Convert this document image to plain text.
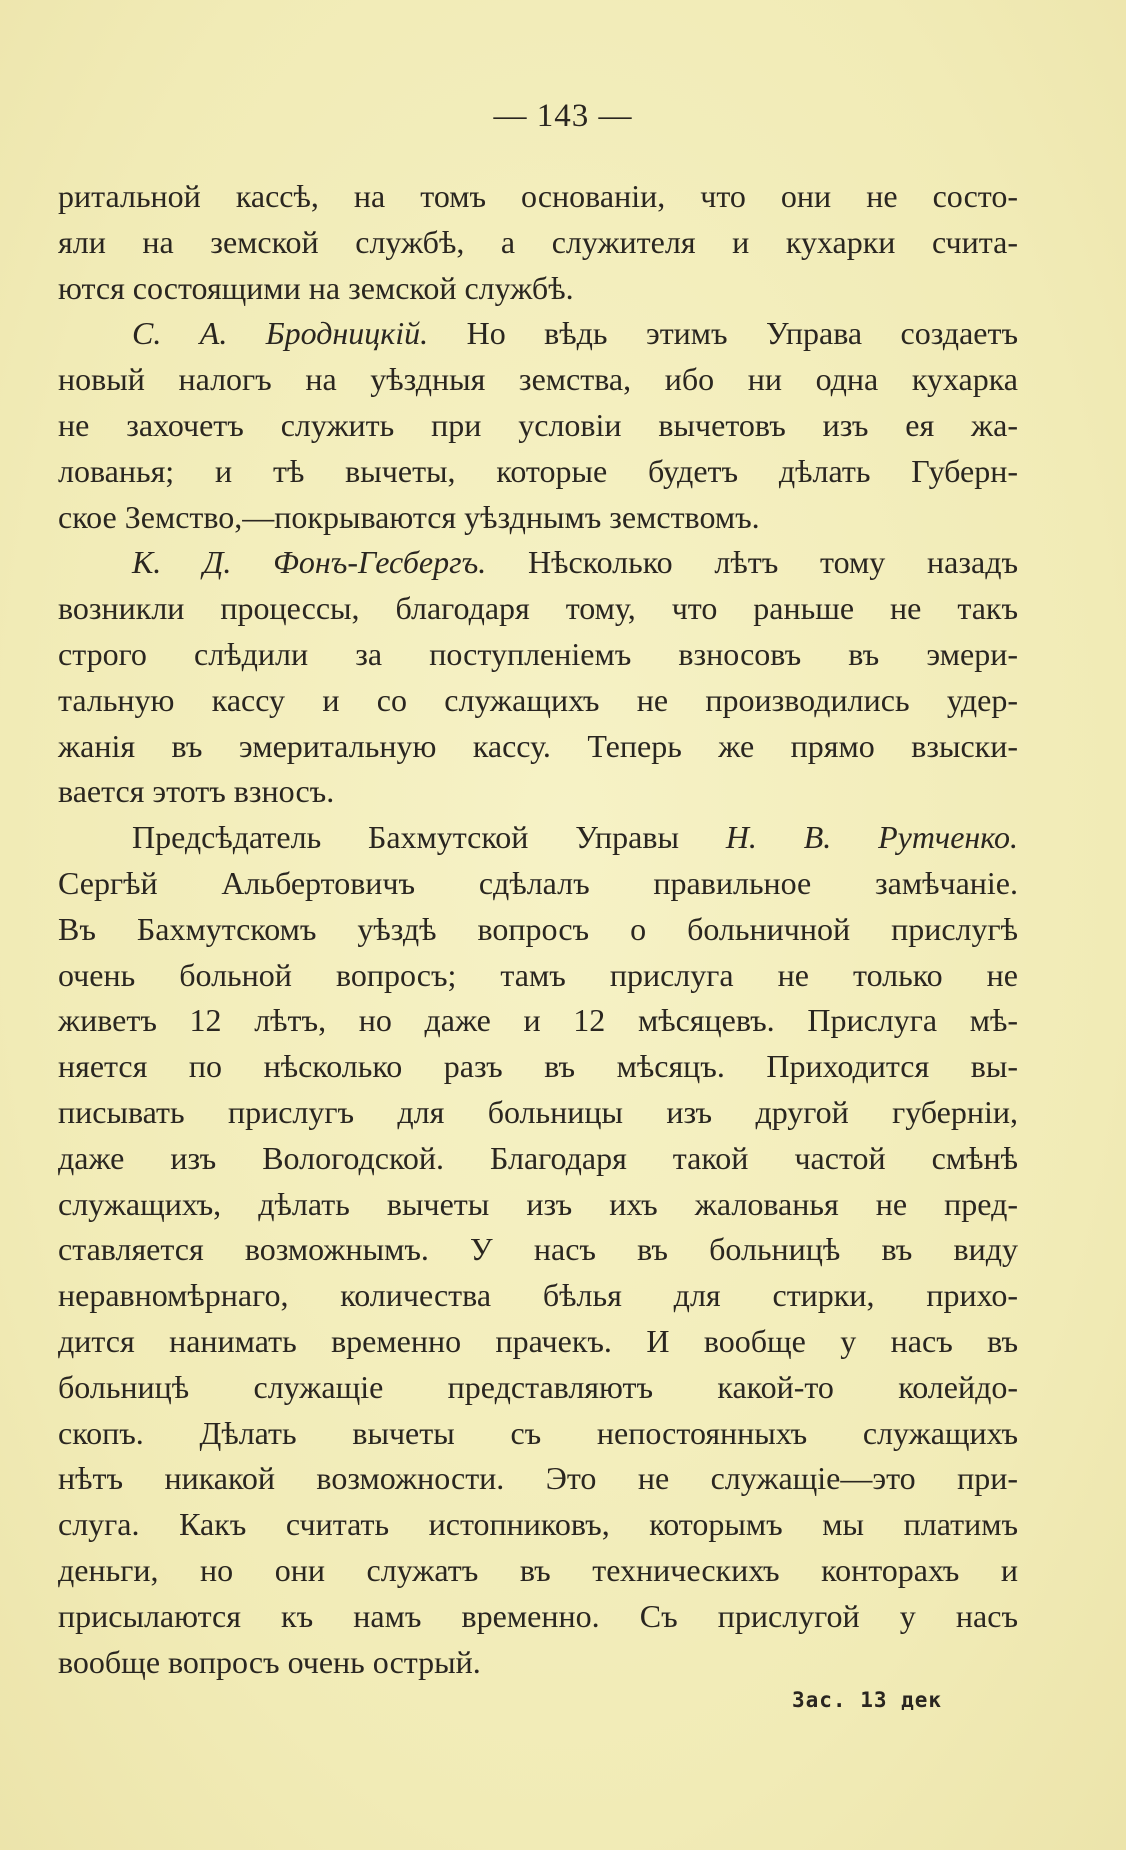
— 143 —
ритальной кассѣ, на томъ основаніи, что они не состо-
яли на земской службѣ, а служителя и кухарки счита-
ются состоящими на земской службѣ.
С. А. Бродницкій. Но вѣдь этимъ Управа создаетъ
новый налогъ на уѣздныя земства, ибо ни одна кухарка
не захочетъ служить при условіи вычетовъ изъ ея жа-
лованья; и тѣ вычеты, которые будетъ дѣлать Губерн-
ское Земство,—покрываются уѣзднымъ земствомъ.
К. Д. Фонъ-Гесбергъ. Нѣсколько лѣтъ тому назадъ
возникли процессы, благодаря тому, что раньше не такъ
строго слѣдили за поступленіемъ взносовъ въ эмери-
тальную кассу и со служащихъ не производились удер-
жанія въ эмеритальную кассу. Теперь же прямо взыски-
вается этотъ взносъ.
Предсѣдатель Бахмутской Управы Н. В. Рутченко.
Сергѣй Альбертовичъ сдѣлалъ правильное замѣчаніе.
Въ Бахмутскомъ уѣздѣ вопросъ о больничной прислугѣ
очень больной вопросъ; тамъ прислуга не только не
живетъ 12 лѣтъ, но даже и 12 мѣсяцевъ. Прислуга мѣ-
няется по нѣсколько разъ въ мѣсяцъ. Приходится вы-
писывать прислугъ для больницы изъ другой губерніи,
даже изъ Вологодской. Благодаря такой частой смѣнѣ
служащихъ, дѣлать вычеты изъ ихъ жалованья не пред-
ставляется возможнымъ. У насъ въ больницѣ въ виду
неравномѣрнаго, количества бѣлья для стирки, прихо-
дится нанимать временно прачекъ. И вообще у насъ въ
больницѣ служащіе представляютъ какой-то колейдо-
скопъ. Дѣлать вычеты съ непостоянныхъ служащихъ
нѣтъ никакой возможности. Это не служащіе—это при-
слуга. Какъ считать истопниковъ, которымъ мы платимъ
деньги, но они служатъ въ техническихъ конторахъ и
присылаются къ намъ временно. Съ прислугой у насъ
вообще вопросъ очень острый.
Зас. 13 дек
